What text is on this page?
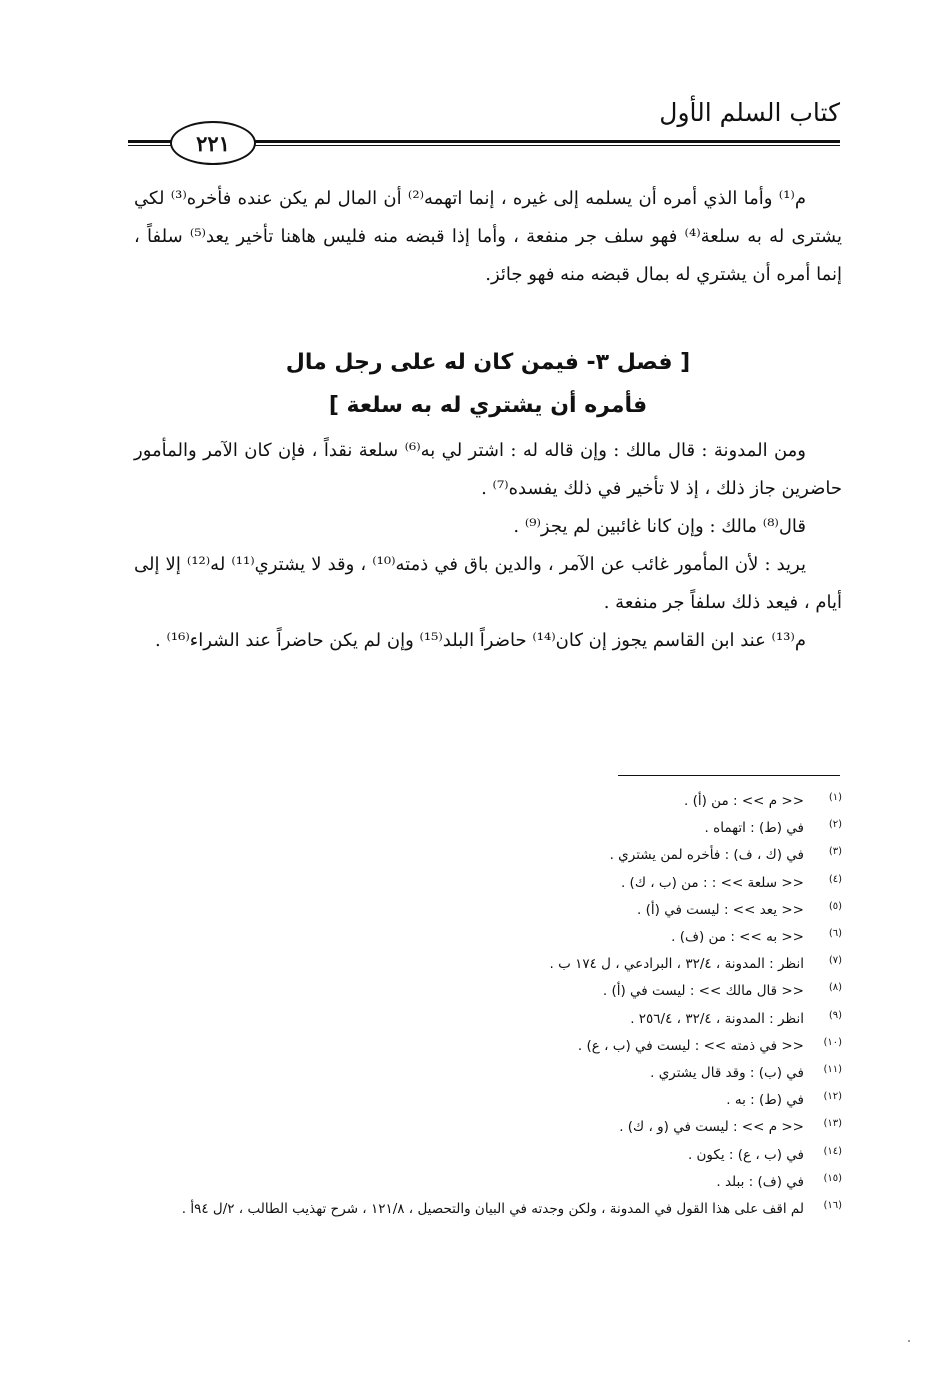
كتاب السلم الأول
٢٢١

م⁽¹⁾ وأما الذي أمره أن يسلمه إلى غيره ، إنما اتهمه⁽²⁾ أن المال لم يكن عنده فأخره⁽³⁾ لكي يشترى له به سلعة⁽⁴⁾ فهو سلف جر منفعة ، وأما إذا قبضه منه فليس هاهنا تأخير يعد⁽⁵⁾ سلفاً ، إنما أمره أن يشتري له بمال قبضه منه فهو جائز.

[ فصل ٣- فيمن كان له على رجل مال
فأمره أن يشتري له به سلعة ]

ومن المدونة : قال مالك : وإن قاله له : اشتر لي به⁽⁶⁾ سلعة نقداً ، فإن كان الآمر والمأمور حاضرين جاز ذلك ، إذ لا تأخير في ذلك يفسده⁽⁷⁾ .

قال⁽⁸⁾ مالك : وإن كانا غائبين لم يجز⁽⁹⁾ .

يريد : لأن المأمور غائب عن الآمر ، والدين باق في ذمته⁽¹⁰⁾ ، وقد لا يشتري⁽¹¹⁾ له⁽¹²⁾ إلا إلى أيام ، فيعد ذلك سلفاً جر منفعة .

م⁽¹³⁾ عند ابن القاسم يجوز إن كان⁽¹⁴⁾ حاضراً البلد⁽¹⁵⁾ وإن لم يكن حاضراً عند الشراء⁽¹⁶⁾ .

(١)
<< م >> : من (أ) .
(٢)
في (ط) : اتهماه .
(٣)
في (ك ، ف) : فأخره لمن يشتري .
(٤)
<< سلعة >> : : من (ب ، ك) .
(٥)
<< يعد >> : ليست في (أ) .
(٦)
<< به >> : من (ف) .
(٧)
انظر : المدونة ، ٣٢/٤ ، البرادعي ، ل ١٧٤ ب .
(٨)
<< قال مالك >> : ليست في (أ) .
(٩)
انظر : المدونة ، ٣٢/٤ ، ٢٥٦/٤ .
(١٠)
<< في ذمته >> : ليست في (ب ، ع) .
(١١)
في (ب) : وقد قال يشتري .
(١٢)
في (ط) : به .
(١٣)
<< م >> : ليست في (و ، ك) .
(١٤)
في (ب ، ع) : يكون .
(١٥)
في (ف) : ببلد .
(١٦)
لم اقف على هذا القول في المدونة ، ولكن وجدته في البيان والتحصيل ، ١٢١/٨ ، شرح تهذيب الطالب ، ٢/ل ٩٤أ .
